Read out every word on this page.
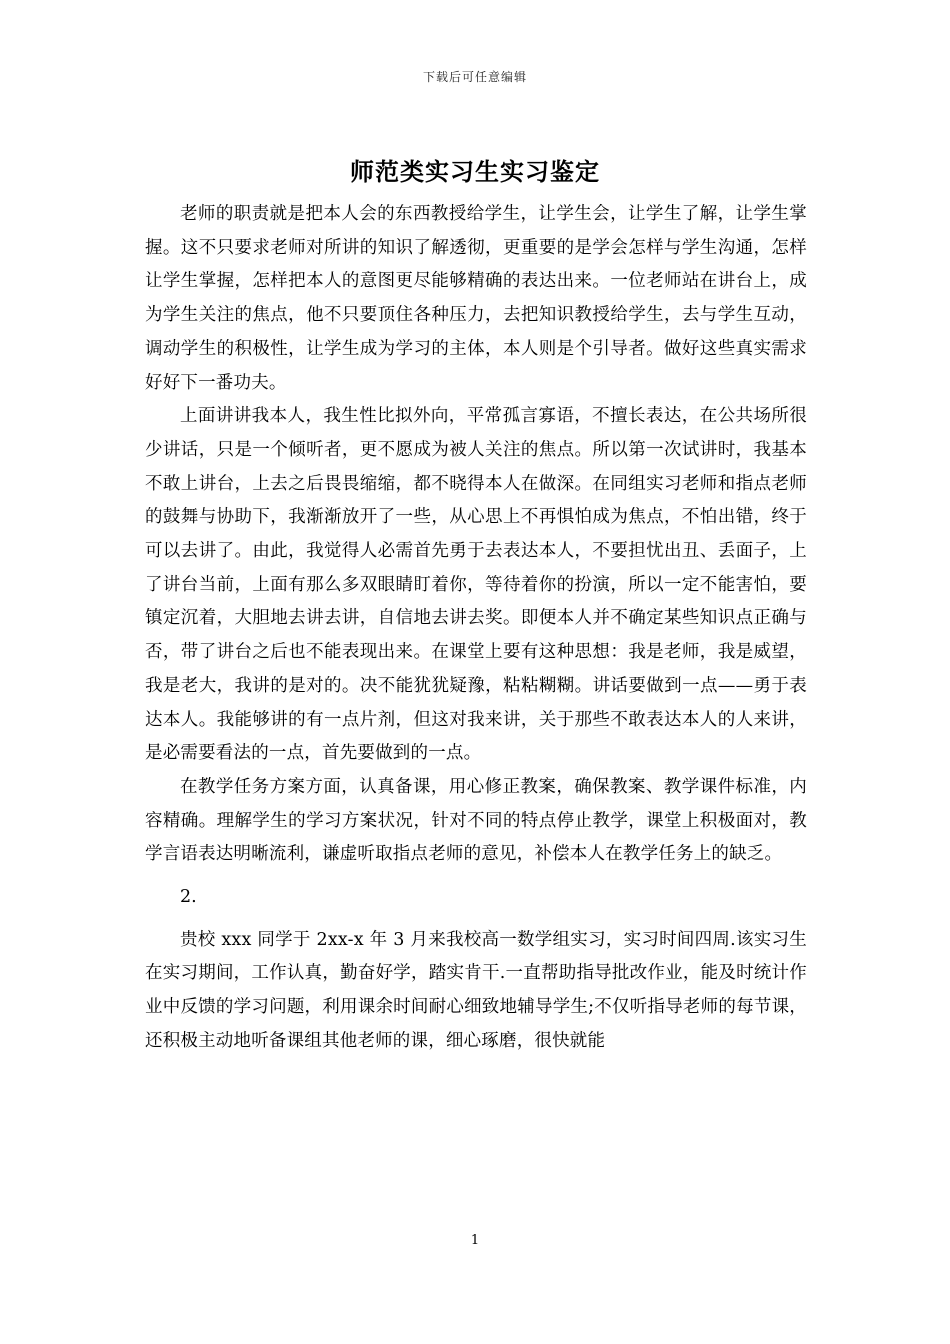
下载后可任意编辑
师范类实习生实习鉴定

老师的职责就是把本人会的东西教授给学生，让学生会，让学生了解，让学生掌握。这不只要求老师对所讲的知识了解透彻，更重要的是学会怎样与学生沟通，怎样让学生掌握，怎样把本人的意图更尽能够精确的表达出来。一位老师站在讲台上，成为学生关注的焦点，他不只要顶住各种压力，去把知识教授给学生，去与学生互动，调动学生的积极性，让学生成为学习的主体，本人则是个引导者。做好这些真实需求好好下一番功夫。

上面讲讲我本人，我生性比拟外向，平常孤言寡语，不擅长表达，在公共场所很少讲话，只是一个倾听者，更不愿成为被人关注的焦点。所以第一次试讲时，我基本不敢上讲台，上去之后畏畏缩缩，都不晓得本人在做深。在同组实习老师和指点老师的鼓舞与协助下，我渐渐放开了一些，从心思上不再惧怕成为焦点，不怕出错，终于可以去讲了。由此，我觉得人必需首先勇于去表达本人，不要担忧出丑、丢面子，上了讲台当前，上面有那么多双眼睛盯着你，等待着你的扮演，所以一定不能害怕，要镇定沉着，大胆地去讲去讲，自信地去讲去奖。即便本人并不确定某些知识点正确与否，带了讲台之后也不能表现出来。在课堂上要有这种思想：我是老师，我是威望，我是老大，我讲的是对的。决不能犹犹疑豫，粘粘糊糊。讲话要做到一点——勇于表达本人。我能够讲的有一点片剂，但这对我来讲，关于那些不敢表达本人的人来讲，是必需要看法的一点，首先要做到的一点。

在教学任务方案方面，认真备课，用心修正教案，确保教案、教学课件标准，内容精确。理解学生的学习方案状况，针对不同的特点停止教学，课堂上积极面对，教学言语表达明晰流利，谦虚听取指点老师的意见，补偿本人在教学任务上的缺乏。

2.

贵校 xxx 同学于 2xx-x 年 3 月来我校高一数学组实习，实习时间四周.该实习生在实习期间，工作认真，勤奋好学，踏实肯干.一直帮助指导批改作业，能及时统计作业中反馈的学习问题，利用课余时间耐心细致地辅导学生;不仅听指导老师的每节课，还积极主动地听备课组其他老师的课，细心琢磨，很快就能

1
